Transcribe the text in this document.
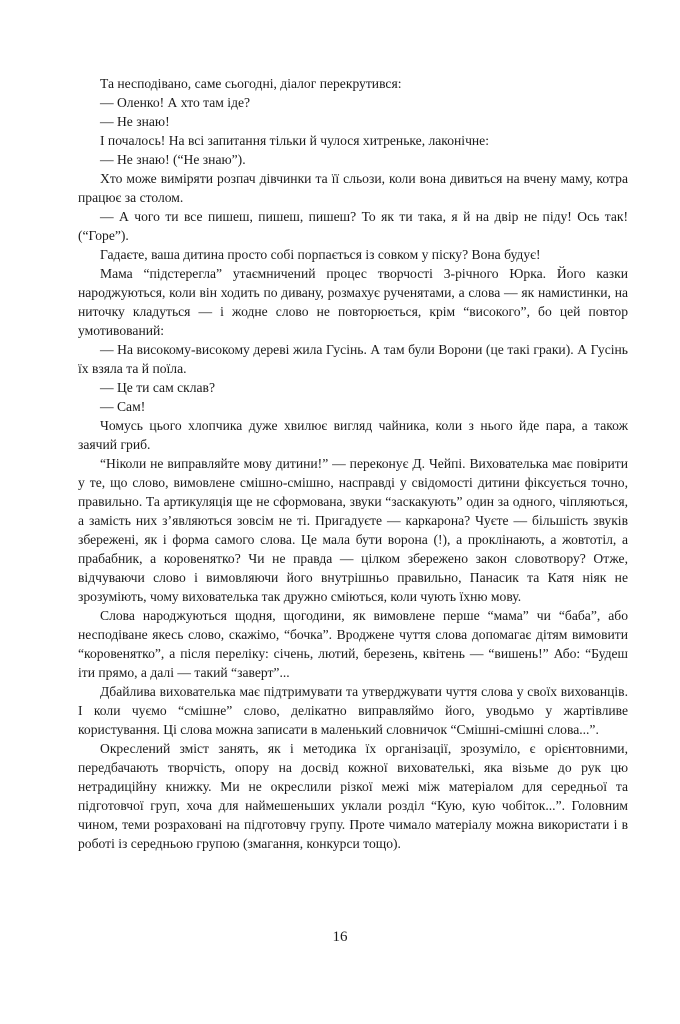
Та несподівано, саме сьогодні, діалог перекрутився:

— Оленко! А хто там іде?

— Не знаю!

І почалось! На всі запитання тільки й чулося хитреньке, лаконічне:

— Не знаю! (“Не знаю”).

Хто може виміряти розпач дівчинки та її сльози, коли вона дивиться на вчену маму, котра працює за столом.

— А чого ти все пишеш, пишеш, пишеш? То як ти така, я й на двір не піду! Ось так! (“Горе”).

Гадаєте, ваша дитина просто собі порпається із совком у піску? Вона будує!

Мама “підстерегла” утаємничений процес творчості 3-річного Юрка. Його казки народжуються, коли він ходить по дивану, розмахує рученятами, а слова — як намистинки, на ниточку кладуться — і жодне слово не повторюється, крім “високого”, бо цей повтор умотивований:

— На високому-високому дереві жила Гусінь. А там були Ворони (це такі граки). А Гусінь їх взяла та й поїла.

— Це ти сам склав?

— Сам!

Чомусь цього хлопчика дуже хвилює вигляд чайника, коли з нього йде пара, а також заячий гриб.

“Ніколи не виправляйте мову дитини!” — переконує Д. Чейпі. Вихователька має повірити у те, що слово, вимовлене смішно-смішно, насправді у свідомості дитини фіксується точно, правильно. Та артикуляція ще не сформована, звуки “заскакують” один за одного, чіпляються, а замість них з’являються зовсім не ті. Пригадуєте — каркарона? Чуєте — більшість звуків збережені, як і форма самого слова. Це мала бути ворона (!), а проклінають, а жовтотіл, а прабабник, а коровенятко? Чи не правда — цілком збережено закон словотвору? Отже, відчуваючи слово і вимовляючи його внутрішньо правильно, Панасик та Катя ніяк не зрозуміють, чому вихователька так дружно сміються, коли чують їхню мову.

Слова народжуються щодня, щогодини, як вимовлене перше “мама” чи “баба”, або несподіване якесь слово, скажімо, “бочка”. Вроджене чуття слова допомагає дітям вимовити “коровенятко”, а після переліку: січень, лютий, березень, квітень — “вишень!” Або: “Будеш іти прямо, а далі — такий “заверт”...

Дбайлива вихователька має підтримувати та утверджувати чуття слова у своїх вихованців. І коли чуємо “смішне” слово, делікатно виправляймо його, уводьмо у жартівливе користування. Ці слова можна записати в маленький словничок “Смішні-смішні слова...”.

Окреслений зміст занять, як і методика їх організації, зрозуміло, є орієнтовними, передбачають творчість, опору на досвід кожної вихователькі, яка візьме до рук цю нетрадиційну книжку. Ми не окреслили різкої межі між матеріалом для середньої та підготовчої груп, хоча для наймешеньших уклали розділ “Кую, кую чобіток...”. Головним чином, теми розраховані на підготовчу групу. Проте чимало матеріалу можна використати і в роботі із середньою групою (змагання, конкурси тощо).

16
